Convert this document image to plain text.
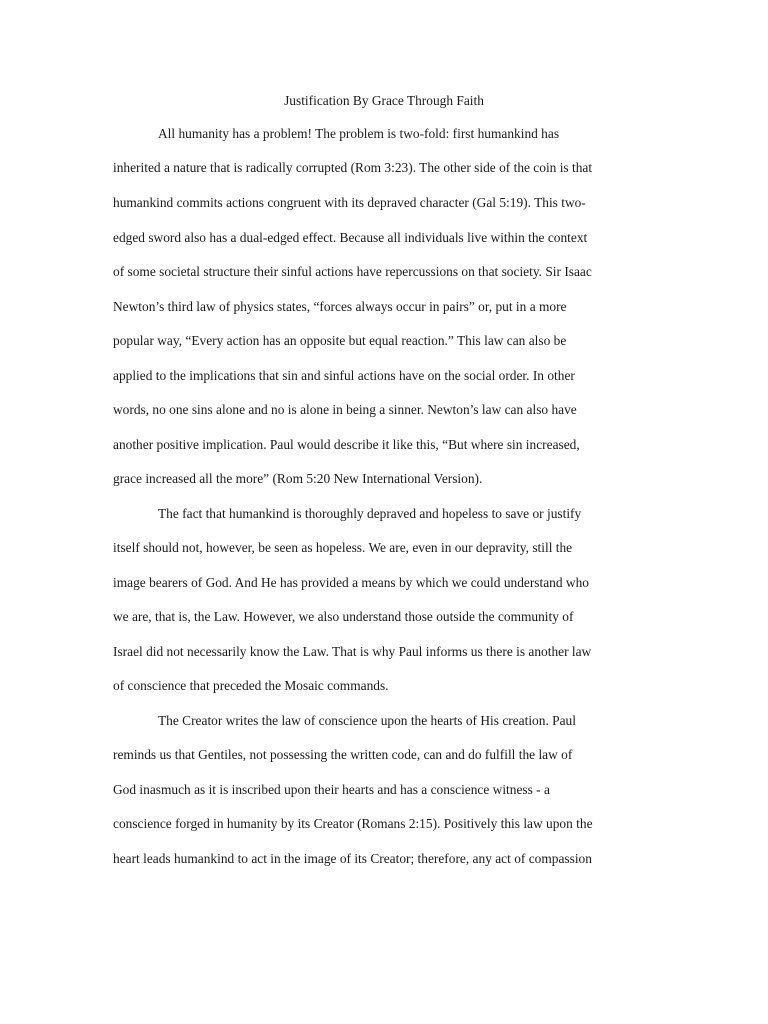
Justification By Grace Through Faith

All humanity has a problem! The problem is two-fold: first humankind has

inherited a nature that is radically corrupted (Rom 3:23). The other side of the coin is that

humankind commits actions congruent with its depraved character (Gal 5:19). This two-

edged sword also has a dual-edged effect. Because all individuals live within the context

of some societal structure their sinful actions have repercussions on that society. Sir Isaac

Newton’s third law of physics states, “forces always occur in pairs” or, put in a more

popular way, “Every action has an opposite but equal reaction.” This law can also be

applied to the implications that sin and sinful actions have on the social order. In other

words, no one sins alone and no is alone in being a sinner. Newton’s law can also have

another positive implication. Paul would describe it like this, “But where sin increased,

grace increased all the more” (Rom 5:20 New International Version).

The fact that humankind is thoroughly depraved and hopeless to save or justify

itself should not, however, be seen as hopeless. We are, even in our depravity, still the

image bearers of God. And He has provided a means by which we could understand who

we are, that is, the Law. However, we also understand those outside the community of

Israel did not necessarily know the Law. That is why Paul informs us there is another law

of conscience that preceded the Mosaic commands.

The Creator writes the law of conscience upon the hearts of His creation. Paul

reminds us that Gentiles, not possessing the written code, can and do fulfill the law of

God inasmuch as it is inscribed upon their hearts and has a conscience witness - a

conscience forged in humanity by its Creator (Romans 2:15). Positively this law upon the

heart leads humankind to act in the image of its Creator; therefore, any act of compassion
